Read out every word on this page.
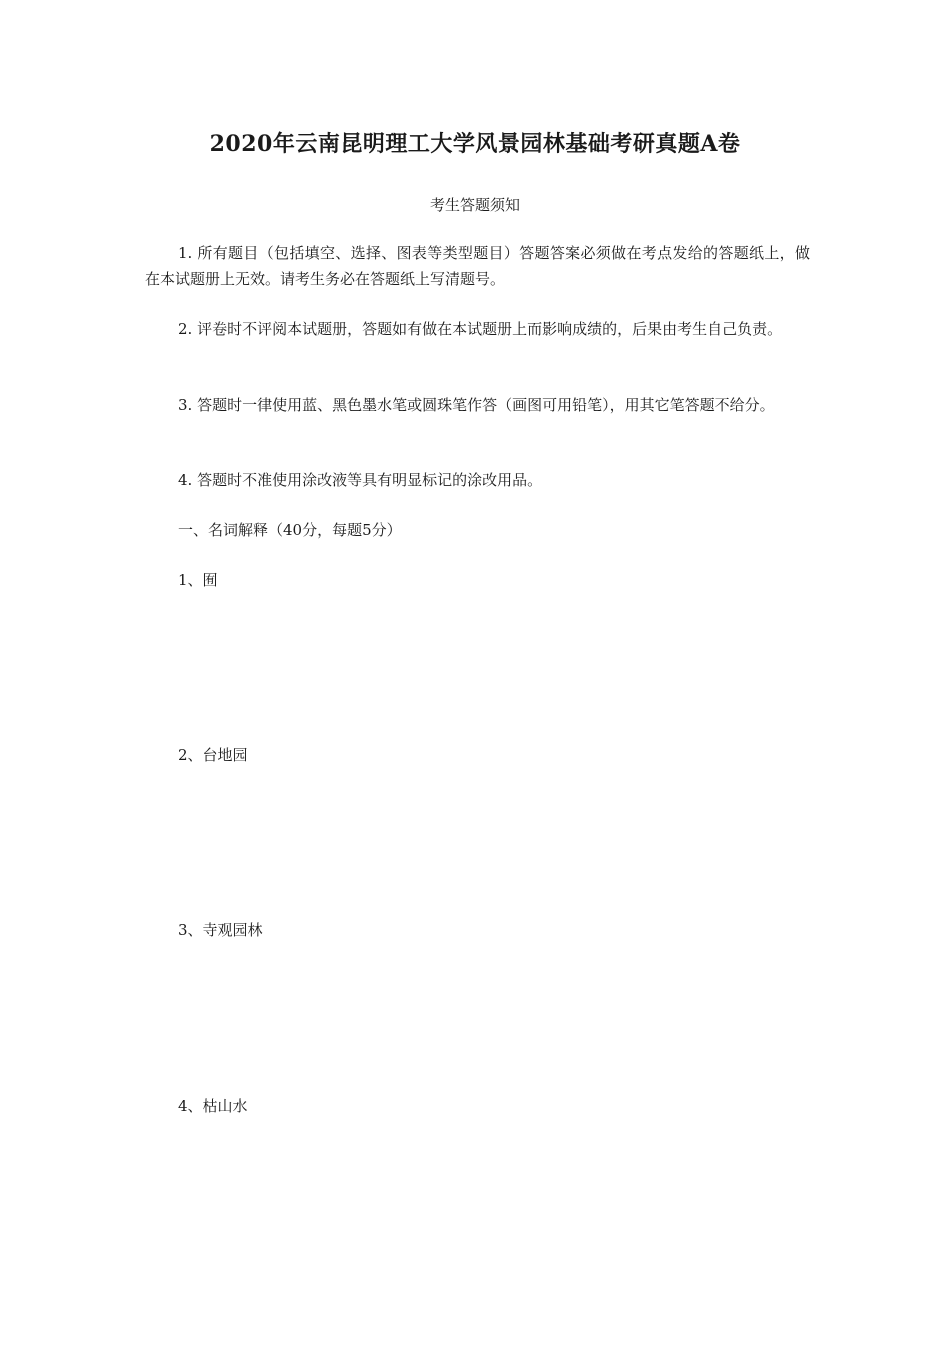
2020年云南昆明理工大学风景园林基础考研真题A卷
考生答题须知

1. 所有题目（包括填空、选择、图表等类型题目）答题答案必须做在考点发给的答题纸上，做在本试题册上无效。请考生务必在答题纸上写清题号。

2. 评卷时不评阅本试题册，答题如有做在本试题册上而影响成绩的，后果由考生自己负责。

3. 答题时一律使用蓝、黑色墨水笔或圆珠笔作答（画图可用铅笔），用其它笔答题不给分。

4. 答题时不准使用涂改液等具有明显标记的涂改用品。

一、名词解释（40分，每题5分）
1、囿
2、台地园
3、寺观园林
4、枯山水
